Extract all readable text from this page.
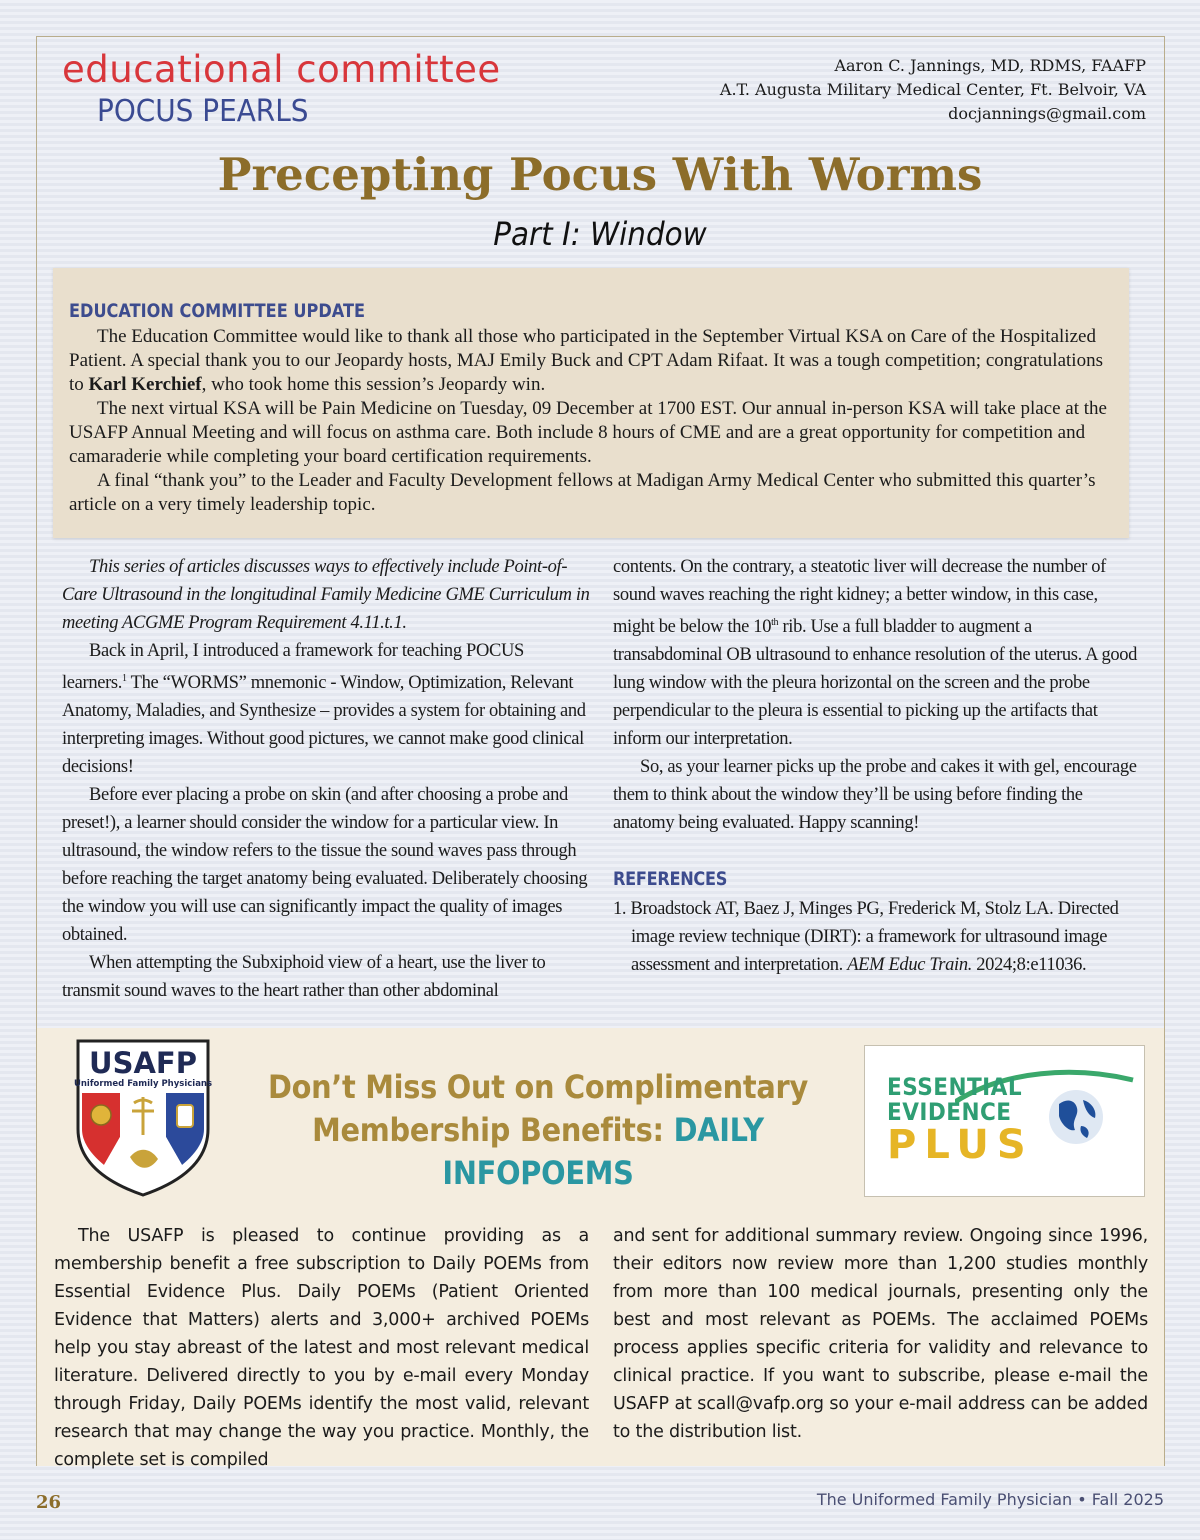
educational committee
POCUS PEARLS
Aaron C. Jannings, MD, RDMS, FAAFP
A.T. Augusta Military Medical Center, Ft. Belvoir, VA
docjannings@gmail.com
Precepting Pocus With Worms
Part I: Window
EDUCATION COMMITTEE UPDATE

The Education Committee would like to thank all those who participated in the September Virtual KSA on Care of the Hospitalized Patient. A special thank you to our Jeopardy hosts, MAJ Emily Buck and CPT Adam Rifaat. It was a tough competition; congratulations to Karl Kerchief, who took home this session’s Jeopardy win.

The next virtual KSA will be Pain Medicine on Tuesday, 09 December at 1700 EST. Our annual in-person KSA will take place at the USAFP Annual Meeting and will focus on asthma care. Both include 8 hours of CME and are a great opportunity for competition and camaraderie while completing your board certification requirements.

A final “thank you” to the Leader and Faculty Development fellows at Madigan Army Medical Center who submitted this quarter’s article on a very timely leadership topic.

This series of articles discusses ways to effectively include Point-of-Care Ultrasound in the longitudinal Family Medicine GME Curriculum in meeting ACGME Program Requirement 4.11.t.1.

Back in April, I introduced a framework for teaching POCUS learners.$^1$ The “WORMS” mnemonic - Window, Optimization, Relevant Anatomy, Maladies, and Synthesize – provides a system for obtaining and interpreting images. Without good pictures, we cannot make good clinical decisions!

Before ever placing a probe on skin (and after choosing a probe and preset!), a learner should consider the window for a particular view. In ultrasound, the window refers to the tissue the sound waves pass through before reaching the target anatomy being evaluated. Deliberately choosing the window you will use can significantly impact the quality of images obtained.

When attempting the Subxiphoid view of a heart, use the liver to transmit sound waves to the heart rather than other abdominal

contents. On the contrary, a steatotic liver will decrease the number of sound waves reaching the right kidney; a better window, in this case, might be below the 10th rib. Use a full bladder to augment a transabdominal OB ultrasound to enhance resolution of the uterus. A good lung window with the pleura horizontal on the screen and the probe perpendicular to the pleura is essential to picking up the artifacts that inform our interpretation.

So, as your learner picks up the probe and cakes it with gel, encourage them to think about the window they’ll be using before finding the anatomy being evaluated. Happy scanning!

REFERENCES

1. Broadstock AT, Baez J, Minges PG, Frederick M, Stolz LA. Directed image review technique (DIRT): a framework for ultrasound image assessment and interpretation. AEM Educ Train. 2024;8:e11036.

USAFP
Uniformed Family Physicians	Don’t Miss Out on Complimentary
Membership Benefits: DAILY INFOPOEMS
ESSENTIAL
EVIDENCE
PLUS
The USAFP is pleased to continue providing as a membership benefit a free subscription to Daily POEMs from Essential Evidence Plus. Daily POEMs (Patient Oriented Evidence that Matters) alerts and 3,000+ archived POEMs help you stay abreast of the latest and most relevant medical literature. Delivered directly to you by e-mail every Monday through Friday, Daily POEMs identify the most valid, relevant research that may change the way you practice. Monthly, the complete set is compiled
and sent for additional summary review. Ongoing since 1996, their editors now review more than 1,200 studies monthly from more than 100 medical journals, presenting only the best and most relevant as POEMs. The acclaimed POEMs process applies specific criteria for validity and relevance to clinical practice. If you want to subscribe, please e-mail the USAFP at scall@vafp.org so your e-mail address can be added to the distribution list.
26	The Uniformed Family Physician • Fall 2025
